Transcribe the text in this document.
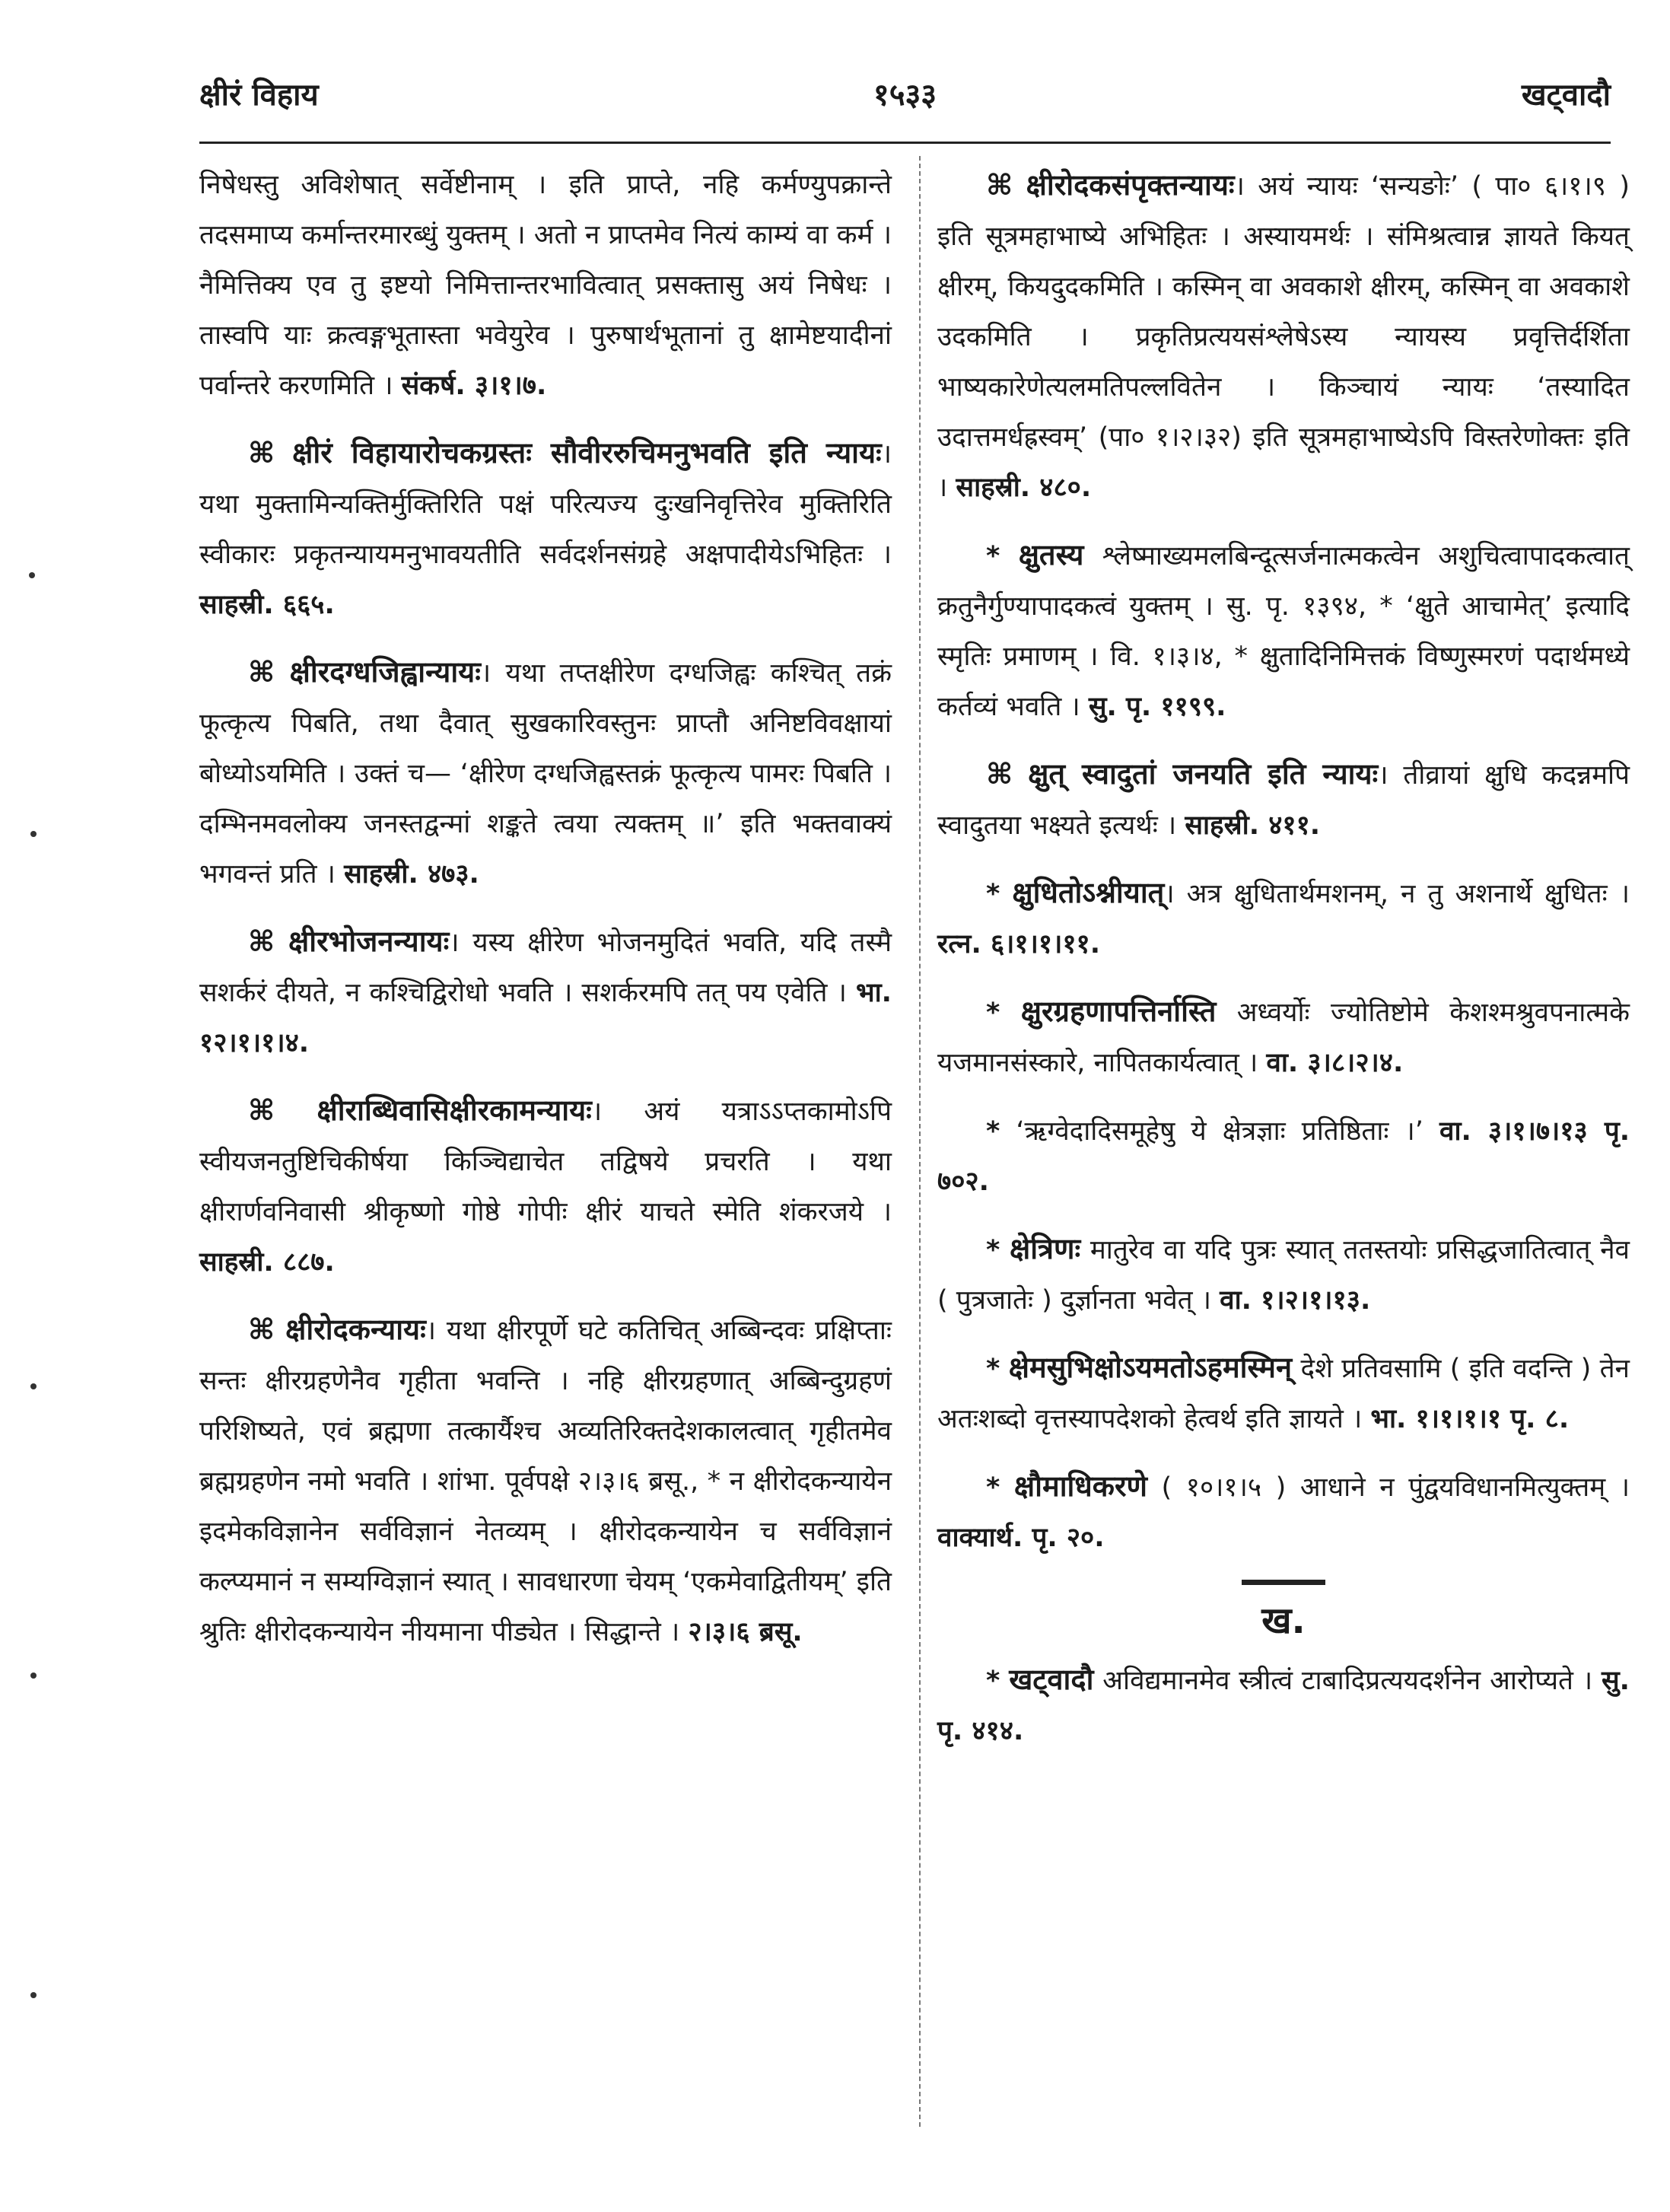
क्षीरं विहाय	१५३३	खट्वादौ

निषेधस्तु अविशेषात् सर्वेष्टीनाम् । इति प्राप्ते, नहि कर्मण्युपक्रान्ते तदसमाप्य कर्मान्तरमारब्धुं युक्तम् । अतो न प्राप्तमेव नित्यं काम्यं वा कर्म । नैमित्तिक्य एव तु इष्टयो निमित्तान्तरभावित्वात् प्रसक्तासु अयं निषेधः । तास्वपि याः क्रत्वङ्गभूतास्ता भवेयुरेव । पुरुषार्थभूतानां तु क्षामेष्टयादीनां पर्वान्तरे करणमिति । संकर्ष. ३।१।७.

⌘ क्षीरं विहायारोचकग्रस्तः सौवीररुचिमनुभवति इति न्यायः। यथा मुक्तामिन्यक्तिर्मुक्तिरिति पक्षं परित्यज्य दुःखनिवृत्तिरेव मुक्तिरिति स्वीकारः प्रकृतन्यायमनुभावयतीति सर्वदर्शनसंग्रहे अक्षपादीयेऽभिहितः । साहस्री. ६६५.

⌘ क्षीरदग्धजिह्वान्यायः। यथा तप्तक्षीरेण दग्धजिह्वः कश्चित् तक्रं फूत्कृत्य पिबति, तथा दैवात् सुखकारिवस्तुनः प्राप्तौ अनिष्टविवक्षायां बोध्योऽयमिति । उक्तं च— ‘क्षीरेण दग्धजिह्वस्तक्रं फूत्कृत्य पामरः पिबति । दम्भिनमवलोक्य जनस्तद्वन्मां शङ्कते त्वया त्यक्तम् ॥’ इति भक्तवाक्यं भगवन्तं प्रति । साहस्री. ४७३.

⌘ क्षीरभोजनन्यायः। यस्य क्षीरेण भोजनमुदितं भवति, यदि तस्मै सशर्करं दीयते, न कश्चिद्विरोधो भवति । सशर्करमपि तत् पय एवेति । भा. १२।१।१।४.

⌘ क्षीराब्धिवासिक्षीरकामन्यायः। अयं यत्राऽऽप्तकामोऽपि स्वीयजनतुष्टिचिकीर्षया किञ्चिद्याचेत तद्विषये प्रचरति । यथा क्षीरार्णवनिवासी श्रीकृष्णो गोष्ठे गोपीः क्षीरं याचते स्मेति शंकरजये । साहस्री. ८८७.

⌘ क्षीरोदकन्यायः। यथा क्षीरपूर्णे घटे कतिचित् अब्बिन्दवः प्रक्षिप्ताः सन्तः क्षीरग्रहणेनैव गृहीता भवन्ति । नहि क्षीरग्रहणात् अब्बिन्दुग्रहणं परिशिष्यते, एवं ब्रह्मणा तत्कार्यैश्च अव्यतिरिक्तदेशकालत्वात् गृहीतमेव ब्रह्मग्रहणेन नमो भवति । शांभा. पूर्वपक्षे २।३।६ ब्रसू., * न क्षीरोदकन्यायेन इदमेकविज्ञानेन सर्वविज्ञानं नेतव्यम् । क्षीरोदकन्यायेन च सर्वविज्ञानं कल्प्यमानं न सम्यग्विज्ञानं स्यात् । सावधारणा चेयम् ‘एकमेवाद्वितीयम्’ इति श्रुतिः क्षीरोदकन्यायेन नीयमाना पीड्येत । सिद्धान्ते । २।३।६ ब्रसू.

⌘ क्षीरोदकसंपृक्तन्यायः। अयं न्यायः ‘सन्यङोः’ ( पा० ६।१।९ ) इति सूत्रमहाभाष्ये अभिहितः । अस्यायमर्थः । संमिश्रत्वान्न ज्ञायते कियत् क्षीरम्, कियदुदकमिति । कस्मिन् वा अवकाशे क्षीरम्, कस्मिन् वा अवकाशे उदकमिति । प्रकृतिप्रत्ययसंश्लेषेऽस्य न्यायस्य प्रवृत्तिर्दर्शिता भाष्यकारेणेत्यलमतिपल्लवितेन । किञ्चायं न्यायः ‘तस्यादित उदात्तमर्धह्रस्वम्’ (पा० १।२।३२) इति सूत्रमहाभाष्येऽपि विस्तरेणोक्तः इति । साहस्री. ४८०.

* क्षुतस्य श्लेष्माख्यमलबिन्दूत्सर्जनात्मकत्वेन अशुचित्वापादकत्वात् क्रतुनैर्गुण्यापादकत्वं युक्तम् । सु. पृ. १३९४, * ‘क्षुते आचामेत्’ इत्यादि स्मृतिः प्रमाणम् । वि. १।३।४, * क्षुतादिनिमित्तकं विष्णुस्मरणं पदार्थमध्ये कर्तव्यं भवति । सु. पृ. ११९९.

⌘ क्षुत् स्वादुतां जनयति इति न्यायः। तीव्रायां क्षुधि कदन्नमपि स्वादुतया भक्ष्यते इत्यर्थः । साहस्री. ४११.

* क्षुधितोऽश्नीयात्। अत्र क्षुधितार्थमशनम्, न तु अशनार्थे क्षुधितः । रत्न. ६।१।१।११.

* क्षुरग्रहणापत्तिर्नास्ति अध्वर्योः ज्योतिष्टोमे केशश्मश्रुवपनात्मके यजमानसंस्कारे, नापितकार्यत्वात् । वा. ३।८।२।४.

* ‘ऋग्वेदादिसमूहेषु ये क्षेत्रज्ञाः प्रतिष्ठिताः ।’ वा. ३।१।७।१३ पृ. ७०२.

* क्षेत्रिणः मातुरेव वा यदि पुत्रः स्यात् ततस्तयोः प्रसिद्धजातित्वात् नैव ( पुत्रजातेः ) दुर्ज्ञानता भवेत् । वा. १।२।१।१३.

* क्षेमसुभिक्षोऽयमतोऽहमस्मिन् देशे प्रतिवसामि ( इति वदन्ति ) तेन अतःशब्दो वृत्तस्यापदेशको हेत्वर्थ इति ज्ञायते । भा. १।१।१।१ पृ. ८.

* क्षौमाधिकरणे ( १०।१।५ ) आधाने न पुंद्वयविधानमित्युक्तम् । वाक्यार्थ. पृ. २०.

ख.

* खट्वादौ अविद्यमानमेव स्त्रीत्वं टाबादिप्रत्ययदर्शनेन आरोप्यते । सु. पृ. ४१४.
